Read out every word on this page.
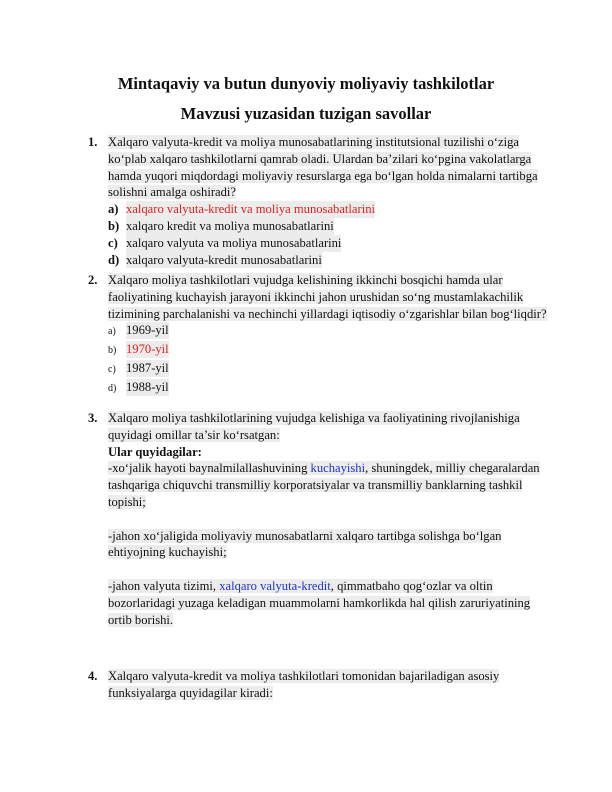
Mintaqaviy va butun dunyoviy moliyaviy tashkilotlar
Mavzusi yuzasidan tuzigan savollar
1. Xalqaro valyuta-kredit va moliya munosabatlarining institutsional tuzilishi o‘ziga ko‘plab xalqaro tashkilotlarni qamrab oladi. Ulardan ba’zilari ko‘pgina vakolatlarga hamda yuqori miqdordagi moliyaviy resurslarga ega bo‘lgan holda nimalarni tartibga solishni amalga oshiradi?
a) xalqaro valyuta-kredit va moliya munosabatlarini
b) xalqaro kredit va moliya munosabatlarini
c) xalqaro valyuta va moliya munosabatlarini
d) xalqaro valyuta-kredit munosabatlarini
2. Xalqaro moliya tashkilotlari vujudga kelishining ikkinchi bosqichi hamda ular faoliyatining kuchayish jarayoni ikkinchi jahon urushidan so‘ng mustamlakachilik tizimining parchalanishi va nechinchi yillardagi iqtisodiy o‘zgarishlar bilan bog‘liqdir?
a) 1969-yil
b) 1970-yil
c) 1987-yil
d) 1988-yil
3. Xalqaro moliya tashkilotlarining vujudga kelishiga va faoliyatining rivojlanishiga quyidagi omillar ta’sir ko‘rsatgan:
Ular quyidagilar:

-xo‘jalik hayoti baynalmilallashuvining kuchayishi, shuningdek, milliy chegaralardan tashqariga chiquvchi transmilliy korporatsiyalar va transmilliy banklarning tashkil topishi;

-jahon xo‘jaligida moliyaviy munosabatlarni xalqaro tartibga solishga bo‘lgan ehtiyojning kuchayishi;

-jahon valyuta tizimi, xalqaro valyuta-kredit, qimmatbaho qog‘ozlar va oltin bozorlaridagi yuzaga keladigan muammolarni hamkorlikda hal qilish zaruriyatining ortib borishi.

4. Xalqaro valyuta-kredit va moliya tashkilotlari tomonidan bajariladigan asosiy funksiyalarga quyidagilar kiradi:
